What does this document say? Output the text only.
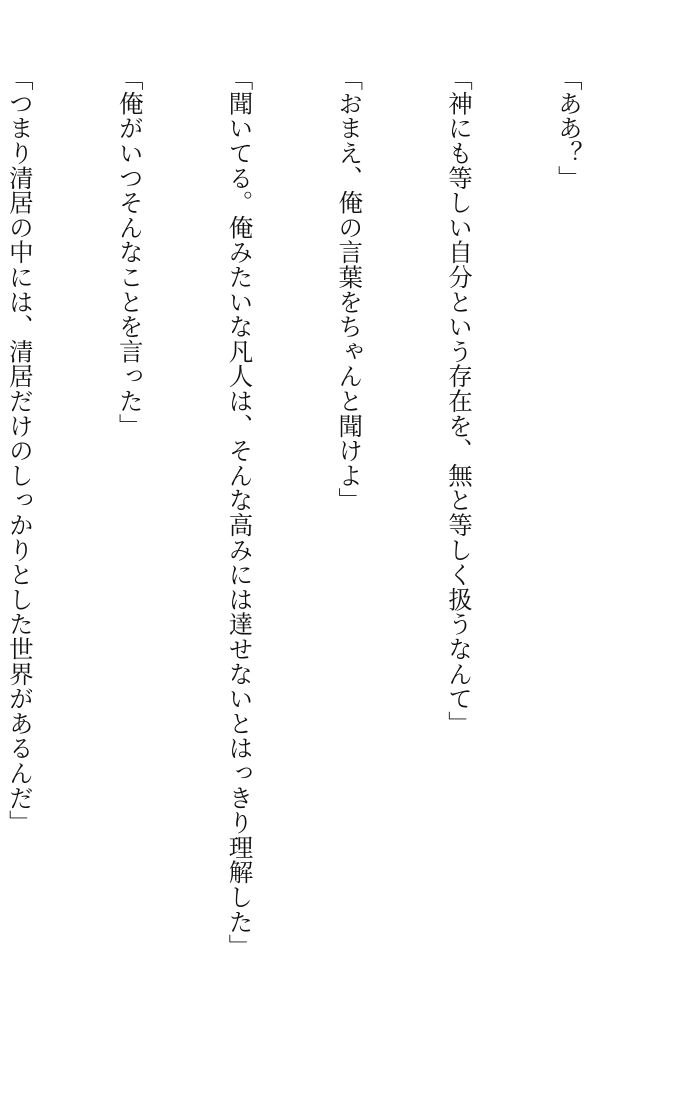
「ああ？」

「神にも等しい自分という存在を、無と等しく扱うなんて」

「おまえ、俺の言葉をちゃんと聞けよ」

「聞いてる。俺みたいな凡人は、そんな高みには達せないとはっきり理解した」

「俺がいつそんなことを言った」

「つまり清居の中には、清居だけのしっかりとした世界があるんだ」
